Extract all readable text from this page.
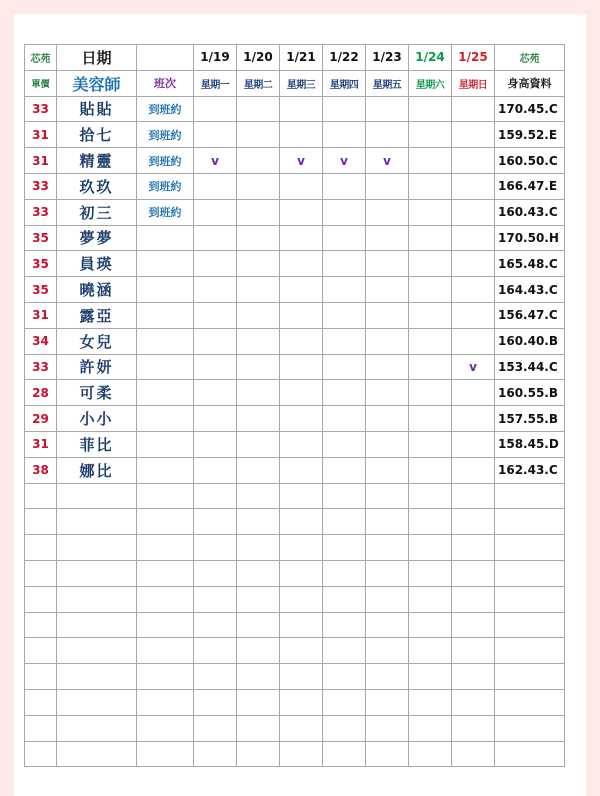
芯苑	日期		1/19	1/20	1/21	1/22	1/23	1/24	1/25	芯苑
單價	美容師	班次	星期一	星期二	星期三	星期四	星期五	星期六	星期日	身高資料
33	貼貼	到班約								170.45.C
31	拾七	到班約								159.52.E
31	精靈	到班約	v		v	v	v			160.50.C
33	玖玖	到班約								166.47.E
33	初三	到班約								160.43.C
35	夢夢									170.50.H
35	員瑛									165.48.C
35	曉涵									164.43.C
31	露亞									156.47.C
34	女兒									160.40.B
33	許妍								v	153.44.C
28	可柔									160.55.B
29	小小									157.55.B
31	菲比									158.45.D
38	娜比									162.43.C
